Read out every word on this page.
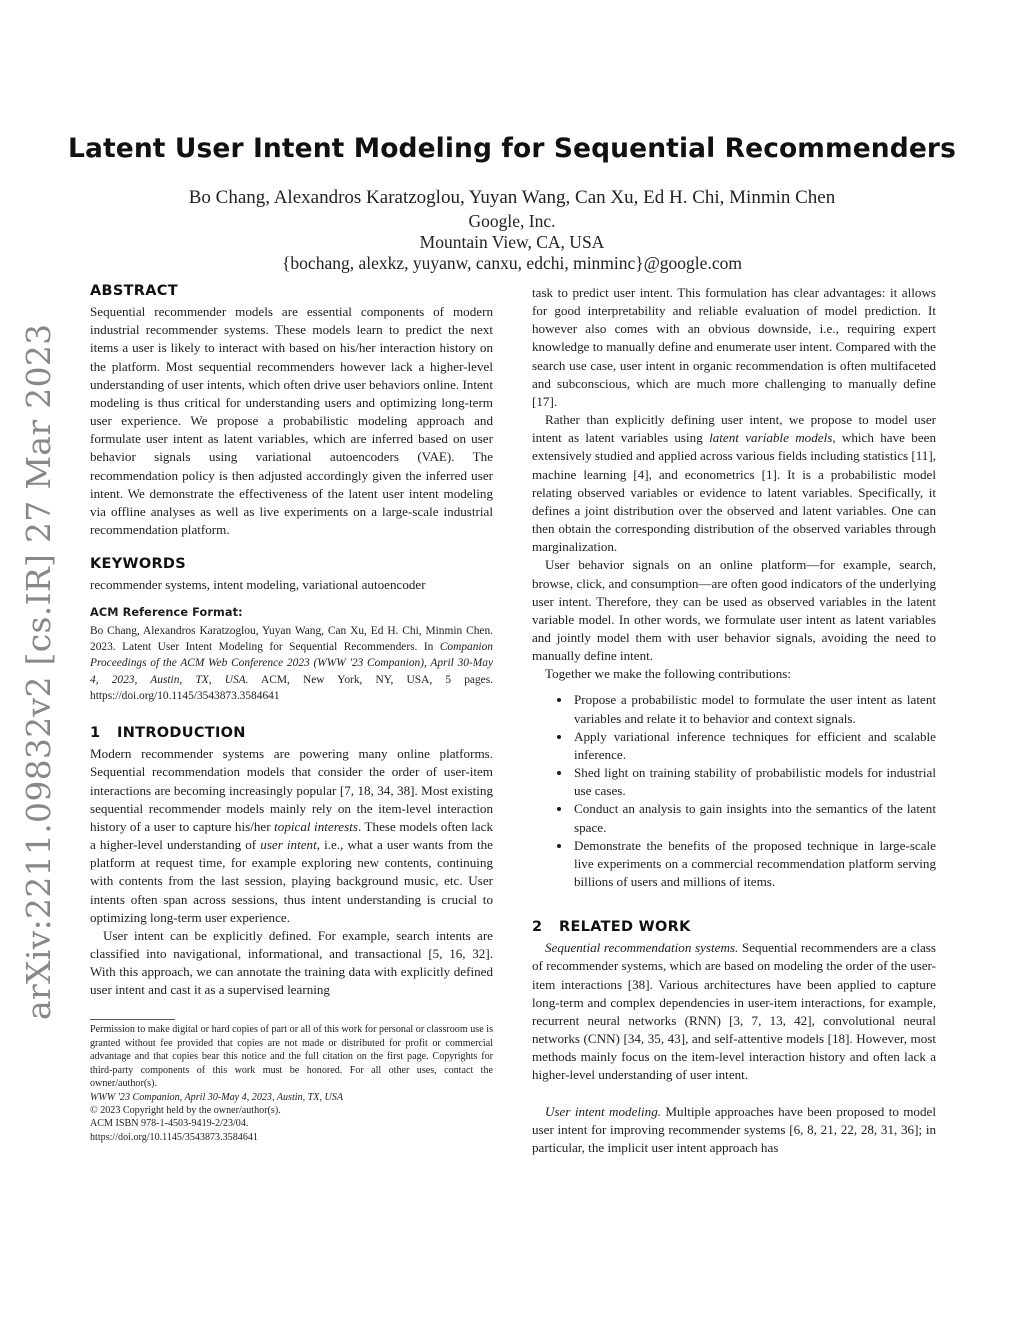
arXiv:2211.09832v2 [cs.IR] 27 Mar 2023
Latent User Intent Modeling for Sequential Recommenders
Bo Chang, Alexandros Karatzoglou, Yuyan Wang, Can Xu, Ed H. Chi, Minmin Chen
Google, Inc.
Mountain View, CA, USA
{bochang, alexkz, yuyanw, canxu, edchi, minminc}@google.com
ABSTRACT

Sequential recommender models are essential components of modern industrial recommender systems. These models learn to predict the next items a user is likely to interact with based on his/her interaction history on the platform. Most sequential recommenders however lack a higher-level understanding of user intents, which often drive user behaviors online. Intent modeling is thus critical for understanding users and optimizing long-term user experience. We propose a probabilistic modeling approach and formulate user intent as latent variables, which are inferred based on user behavior signals using variational autoencoders (VAE). The recommendation policy is then adjusted accordingly given the inferred user intent. We demonstrate the effectiveness of the latent user intent modeling via offline analyses as well as live experiments on a large-scale industrial recommendation platform.

KEYWORDS

recommender systems, intent modeling, variational autoencoder

ACM Reference Format:

Bo Chang, Alexandros Karatzoglou, Yuyan Wang, Can Xu, Ed H. Chi, Minmin Chen. 2023. Latent User Intent Modeling for Sequential Recommenders. In Companion Proceedings of the ACM Web Conference 2023 (WWW '23 Companion), April 30-May 4, 2023, Austin, TX, USA. ACM, New York, NY, USA, 5 pages. https://doi.org/10.1145/3543873.3584641

1 INTRODUCTION

Modern recommender systems are powering many online platforms. Sequential recommendation models that consider the order of user-item interactions are becoming increasingly popular [7, 18, 34, 38]. Most existing sequential recommender models mainly rely on the item-level interaction history of a user to capture his/her topical interests. These models often lack a higher-level understanding of user intent, i.e., what a user wants from the platform at request time, for example exploring new contents, continuing with contents from the last session, playing background music, etc. User intents often span across sessions, thus intent understanding is crucial to optimizing long-term user experience.

User intent can be explicitly defined. For example, search intents are classified into navigational, informational, and transactional [5, 16, 32]. With this approach, we can annotate the training data with explicitly defined user intent and cast it as a supervised learning

Permission to make digital or hard copies of part or all of this work for personal or classroom use is granted without fee provided that copies are not made or distributed for profit or commercial advantage and that copies bear this notice and the full citation on the first page. Copyrights for third-party components of this work must be honored. For all other uses, contact the owner/author(s).

WWW '23 Companion, April 30-May 4, 2023, Austin, TX, USA

© 2023 Copyright held by the owner/author(s).

ACM ISBN 978-1-4503-9419-2/23/04.

https://doi.org/10.1145/3543873.3584641

task to predict user intent. This formulation has clear advantages: it allows for good interpretability and reliable evaluation of model prediction. It however also comes with an obvious downside, i.e., requiring expert knowledge to manually define and enumerate user intent. Compared with the search use case, user intent in organic recommendation is often multifaceted and subconscious, which are much more challenging to manually define [17].

Rather than explicitly defining user intent, we propose to model user intent as latent variables using latent variable models, which have been extensively studied and applied across various fields including statistics [11], machine learning [4], and econometrics [1]. It is a probabilistic model relating observed variables or evidence to latent variables. Specifically, it defines a joint distribution over the observed and latent variables. One can then obtain the corresponding distribution of the observed variables through marginalization.

User behavior signals on an online platform—for example, search, browse, click, and consumption—are often good indicators of the underlying user intent. Therefore, they can be used as observed variables in the latent variable model. In other words, we formulate user intent as latent variables and jointly model them with user behavior signals, avoiding the need to manually define intent.

Together we make the following contributions:

• Propose a probabilistic model to formulate the user intent as latent variables and relate it to behavior and context signals.
• Apply variational inference techniques for efficient and scalable inference.
• Shed light on training stability of probabilistic models for industrial use cases.
• Conduct an analysis to gain insights into the semantics of the latent space.
• Demonstrate the benefits of the proposed technique in large-scale live experiments on a commercial recommendation platform serving billions of users and millions of items.
2 RELATED WORK

Sequential recommendation systems. Sequential recommenders are a class of recommender systems, which are based on modeling the order of the user-item interactions [38]. Various architectures have been applied to capture long-term and complex dependencies in user-item interactions, for example, recurrent neural networks (RNN) [3, 7, 13, 42], convolutional neural networks (CNN) [34, 35, 43], and self-attentive models [18]. However, most methods mainly focus on the item-level interaction history and often lack a higher-level understanding of user intent.

User intent modeling. Multiple approaches have been proposed to model user intent for improving recommender systems [6, 8, 21, 22, 28, 31, 36]; in particular, the implicit user intent approach has
